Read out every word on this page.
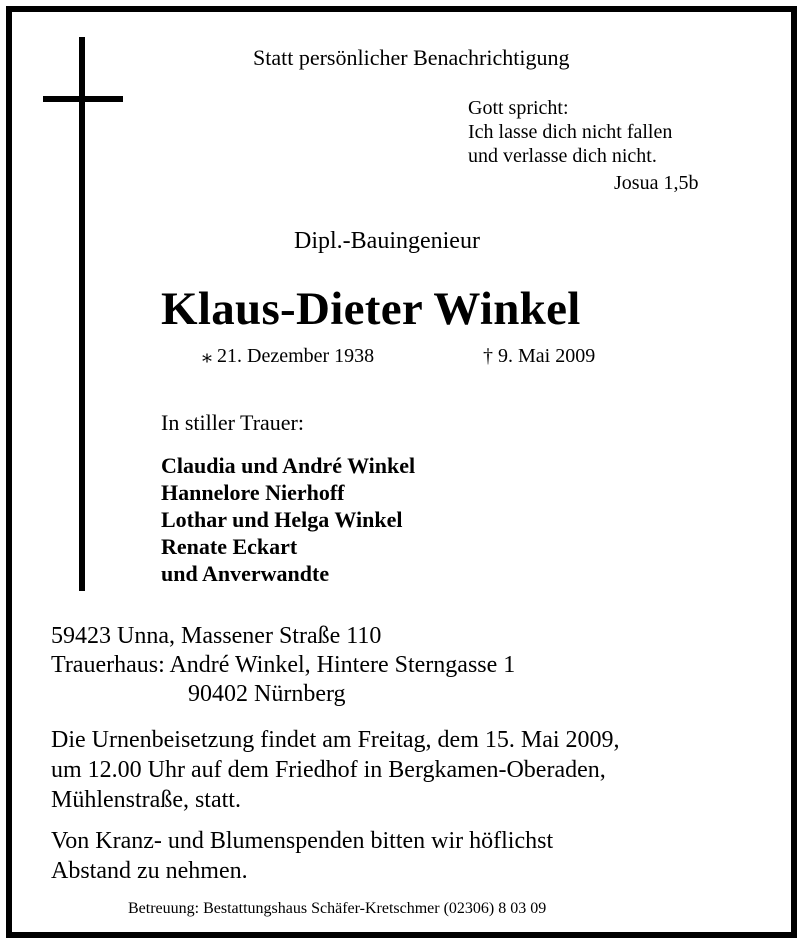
Statt persönlicher Benachrichtigung
Gott spricht:
Ich lasse dich nicht fallen
und verlasse dich nicht.
Josua 1,5b
Dipl.-Bauingenieur
Klaus-Dieter Winkel
⁎ 21. Dezember 1938	† 9. Mai 2009
In stiller Trauer:
Claudia und André Winkel
Hannelore Nierhoff
Lothar und Helga Winkel
Renate Eckart
und Anverwandte
59423 Unna, Massener Straße 110
Trauerhaus: André Winkel, Hintere Sterngasse 1
90402 Nürnberg
Die Urnenbeisetzung findet am Freitag, dem 15. Mai 2009,
um 12.00 Uhr auf dem Friedhof in Bergkamen-Oberaden,
Mühlenstraße, statt.
Von Kranz- und Blumenspenden bitten wir höflichst
Abstand zu nehmen.
Betreuung: Bestattungshaus Schäfer-Kretschmer (02306) 8 03 09
